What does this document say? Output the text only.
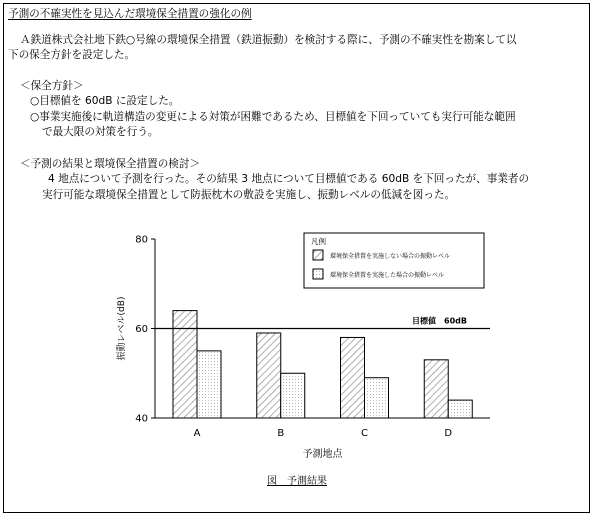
予測の不確実性を見込んだ環境保全措置の強化の例
Ａ鉄道株式会社地下鉄○号線の環境保全措置（鉄道振動）を検討する際に、予測の不確実性を勘案して以
下の保全方針を設定した。
＜保全方針＞
○目標値を 60dB に設定した。
○事業実施後に軌道構造の変更による対策が困難であるため、目標値を下回っていても実行可能な範囲
で最大限の対策を行う。
＜予測の結果と環境保全措置の検討＞
4 地点について予測を行った。その結果 3 地点について目標値である 60dB を下回ったが、事業者の
実行可能な環境保全措置として防振枕木の敷設を実施し、振動レベルの低減を図った。
40
60
80
振動レベル(dB)
A	B	C	D
予測地点
図　予測結果
目標値　60dB
凡例
環境保全措置を実施しない場合の振動レベル
環境保全措置を実施した場合の振動レベル
